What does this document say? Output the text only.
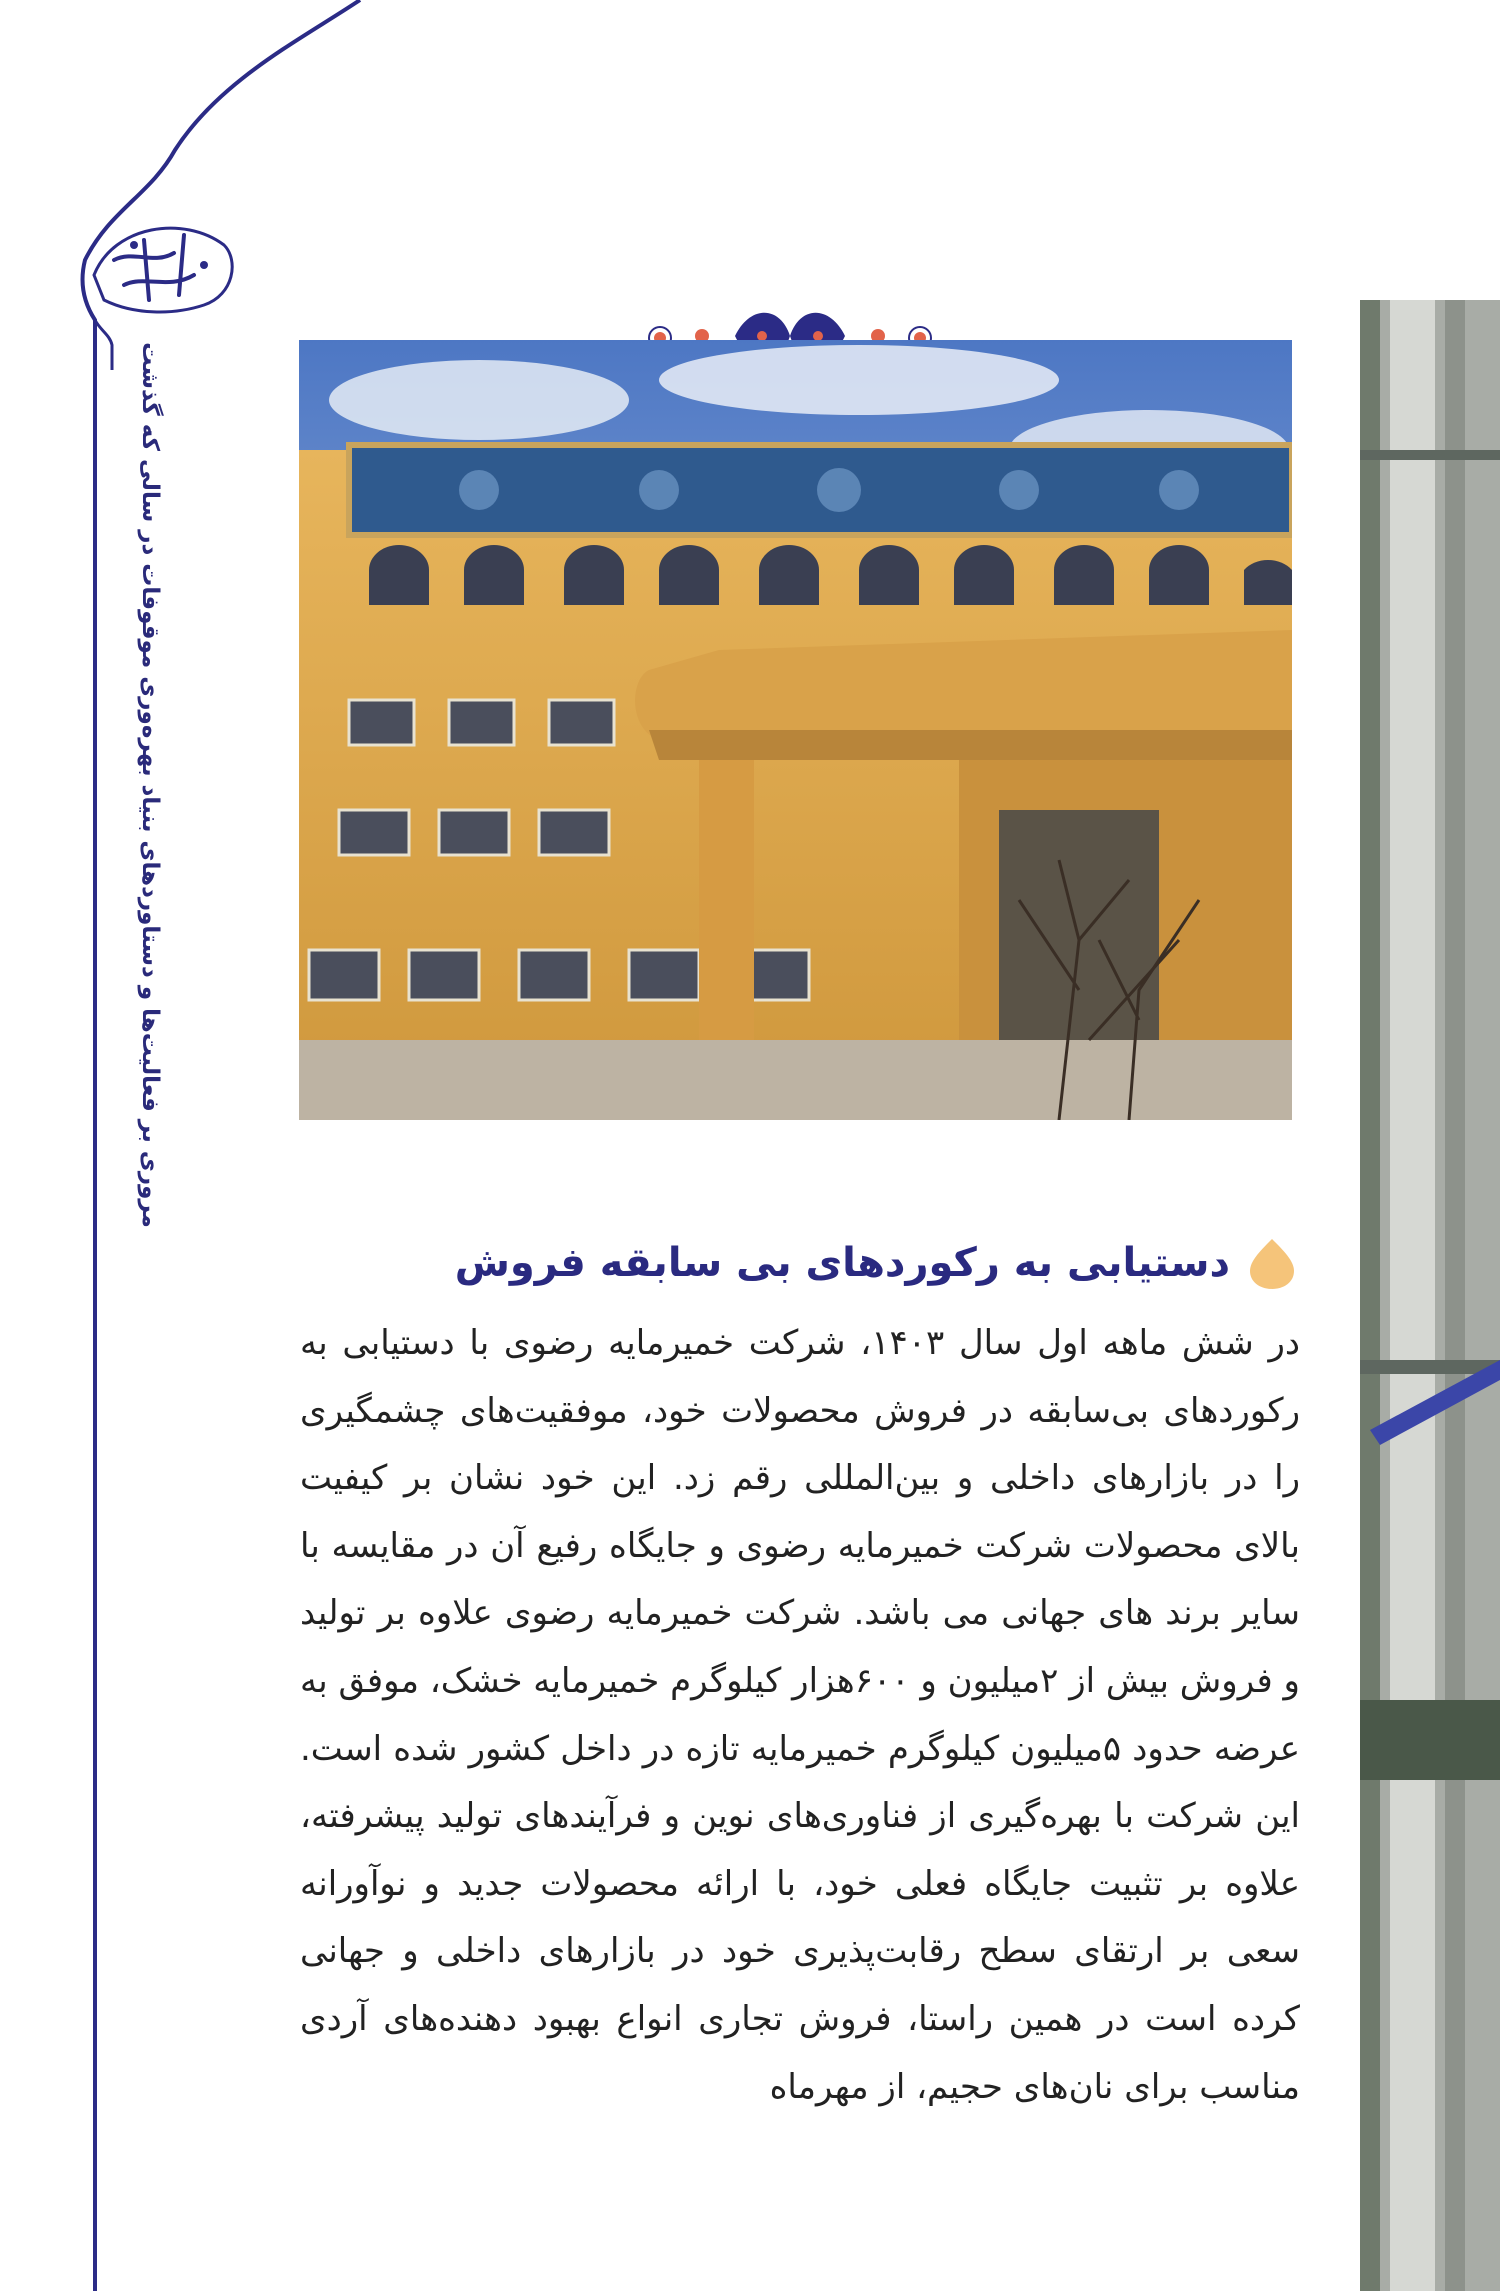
مروری بر فعالیت‌ها و دستاوردهای بنیاد بهره‌وری موقوفات در سالی که گذشت
دستیابی به رکوردهای بی سابقه فروش

در شش ماهه اول سال ۱۴۰۳، شرکت خمیرمایه رضوی با دستیابی به رکوردهای بی‌سابقه در فروش محصولات خود، موفقیت‌های چشمگیری را در بازارهای داخلی و بین‌المللی رقم زد. این خود نشان بر کیفیت بالای محصولات شرکت خمیرمایه رضوی و جایگاه رفیع آن در مقایسه با سایر برند های جهانی می باشد. شرکت خمیرمایه رضوی علاوه بر تولید و فروش بیش از ۲میلیون و ۶۰۰هزار کیلوگرم خمیرمایه خشک، موفق به عرضه حدود ۵میلیون کیلوگرم خمیرمایه تازه در داخل کشور شده است. این شرکت با بهره‌گیری از فناوری‌های نوین و فرآیندهای تولید پیشرفته، علاوه بر تثبیت جایگاه فعلی خود، با ارائه محصولات جدید و نوآورانه سعی بر ارتقای سطح رقابت‌پذیری خود در بازارهای داخلی و جهانی کرده است در همین راستا، فروش تجاری انواع بهبود دهنده‌های آردی مناسب برای نان‌های حجیم، از مهرماه
